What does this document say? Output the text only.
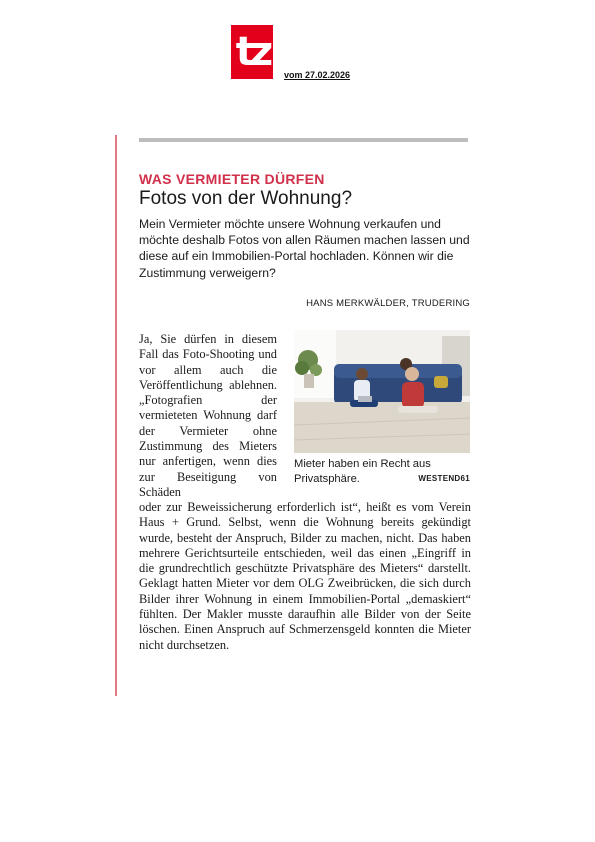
tz vom 27.02.2026
WAS VERMIETER DÜRFEN
Fotos von der Wohnung?
Mein Vermieter möchte unsere Wohnung verkaufen und möchte deshalb Fotos von allen Räumen machen lassen und diese auf ein Immobilien-Portal hochladen. Können wir die Zustimmung verweigern?
HANS MERKWÄLDER, TRUDERING
Ja, Sie dürfen in diesem Fall das Foto-Shooting und vor allem auch die Veröffentlichung ablehnen. „Fotografien der vermieteten Wohnung darf der Vermieter ohne Zustimmung des Mieters nur anfertigen, wenn dies zur Beseitigung von Schäden
Mieter haben ein Recht aus Privatsphäre.	WESTEND61
oder zur Beweissicherung erforderlich ist“, heißt es vom Verein Haus + Grund. Selbst, wenn die Wohnung bereits gekündigt wurde, besteht der Anspruch, Bilder zu machen, nicht. Das haben mehrere Gerichtsurteile entschieden, weil das einen „Eingriff in die grundrechtlich geschützte Privatsphäre des Mieters“ darstellt. Geklagt hatten Mieter vor dem OLG Zweibrücken, die sich durch Bilder ihrer Wohnung in einem Immobilien-Portal „demaskiert“ fühlten. Der Makler musste daraufhin alle Bilder von der Seite löschen. Einen Anspruch auf Schmerzensgeld konnten die Mieter nicht durchsetzen.
